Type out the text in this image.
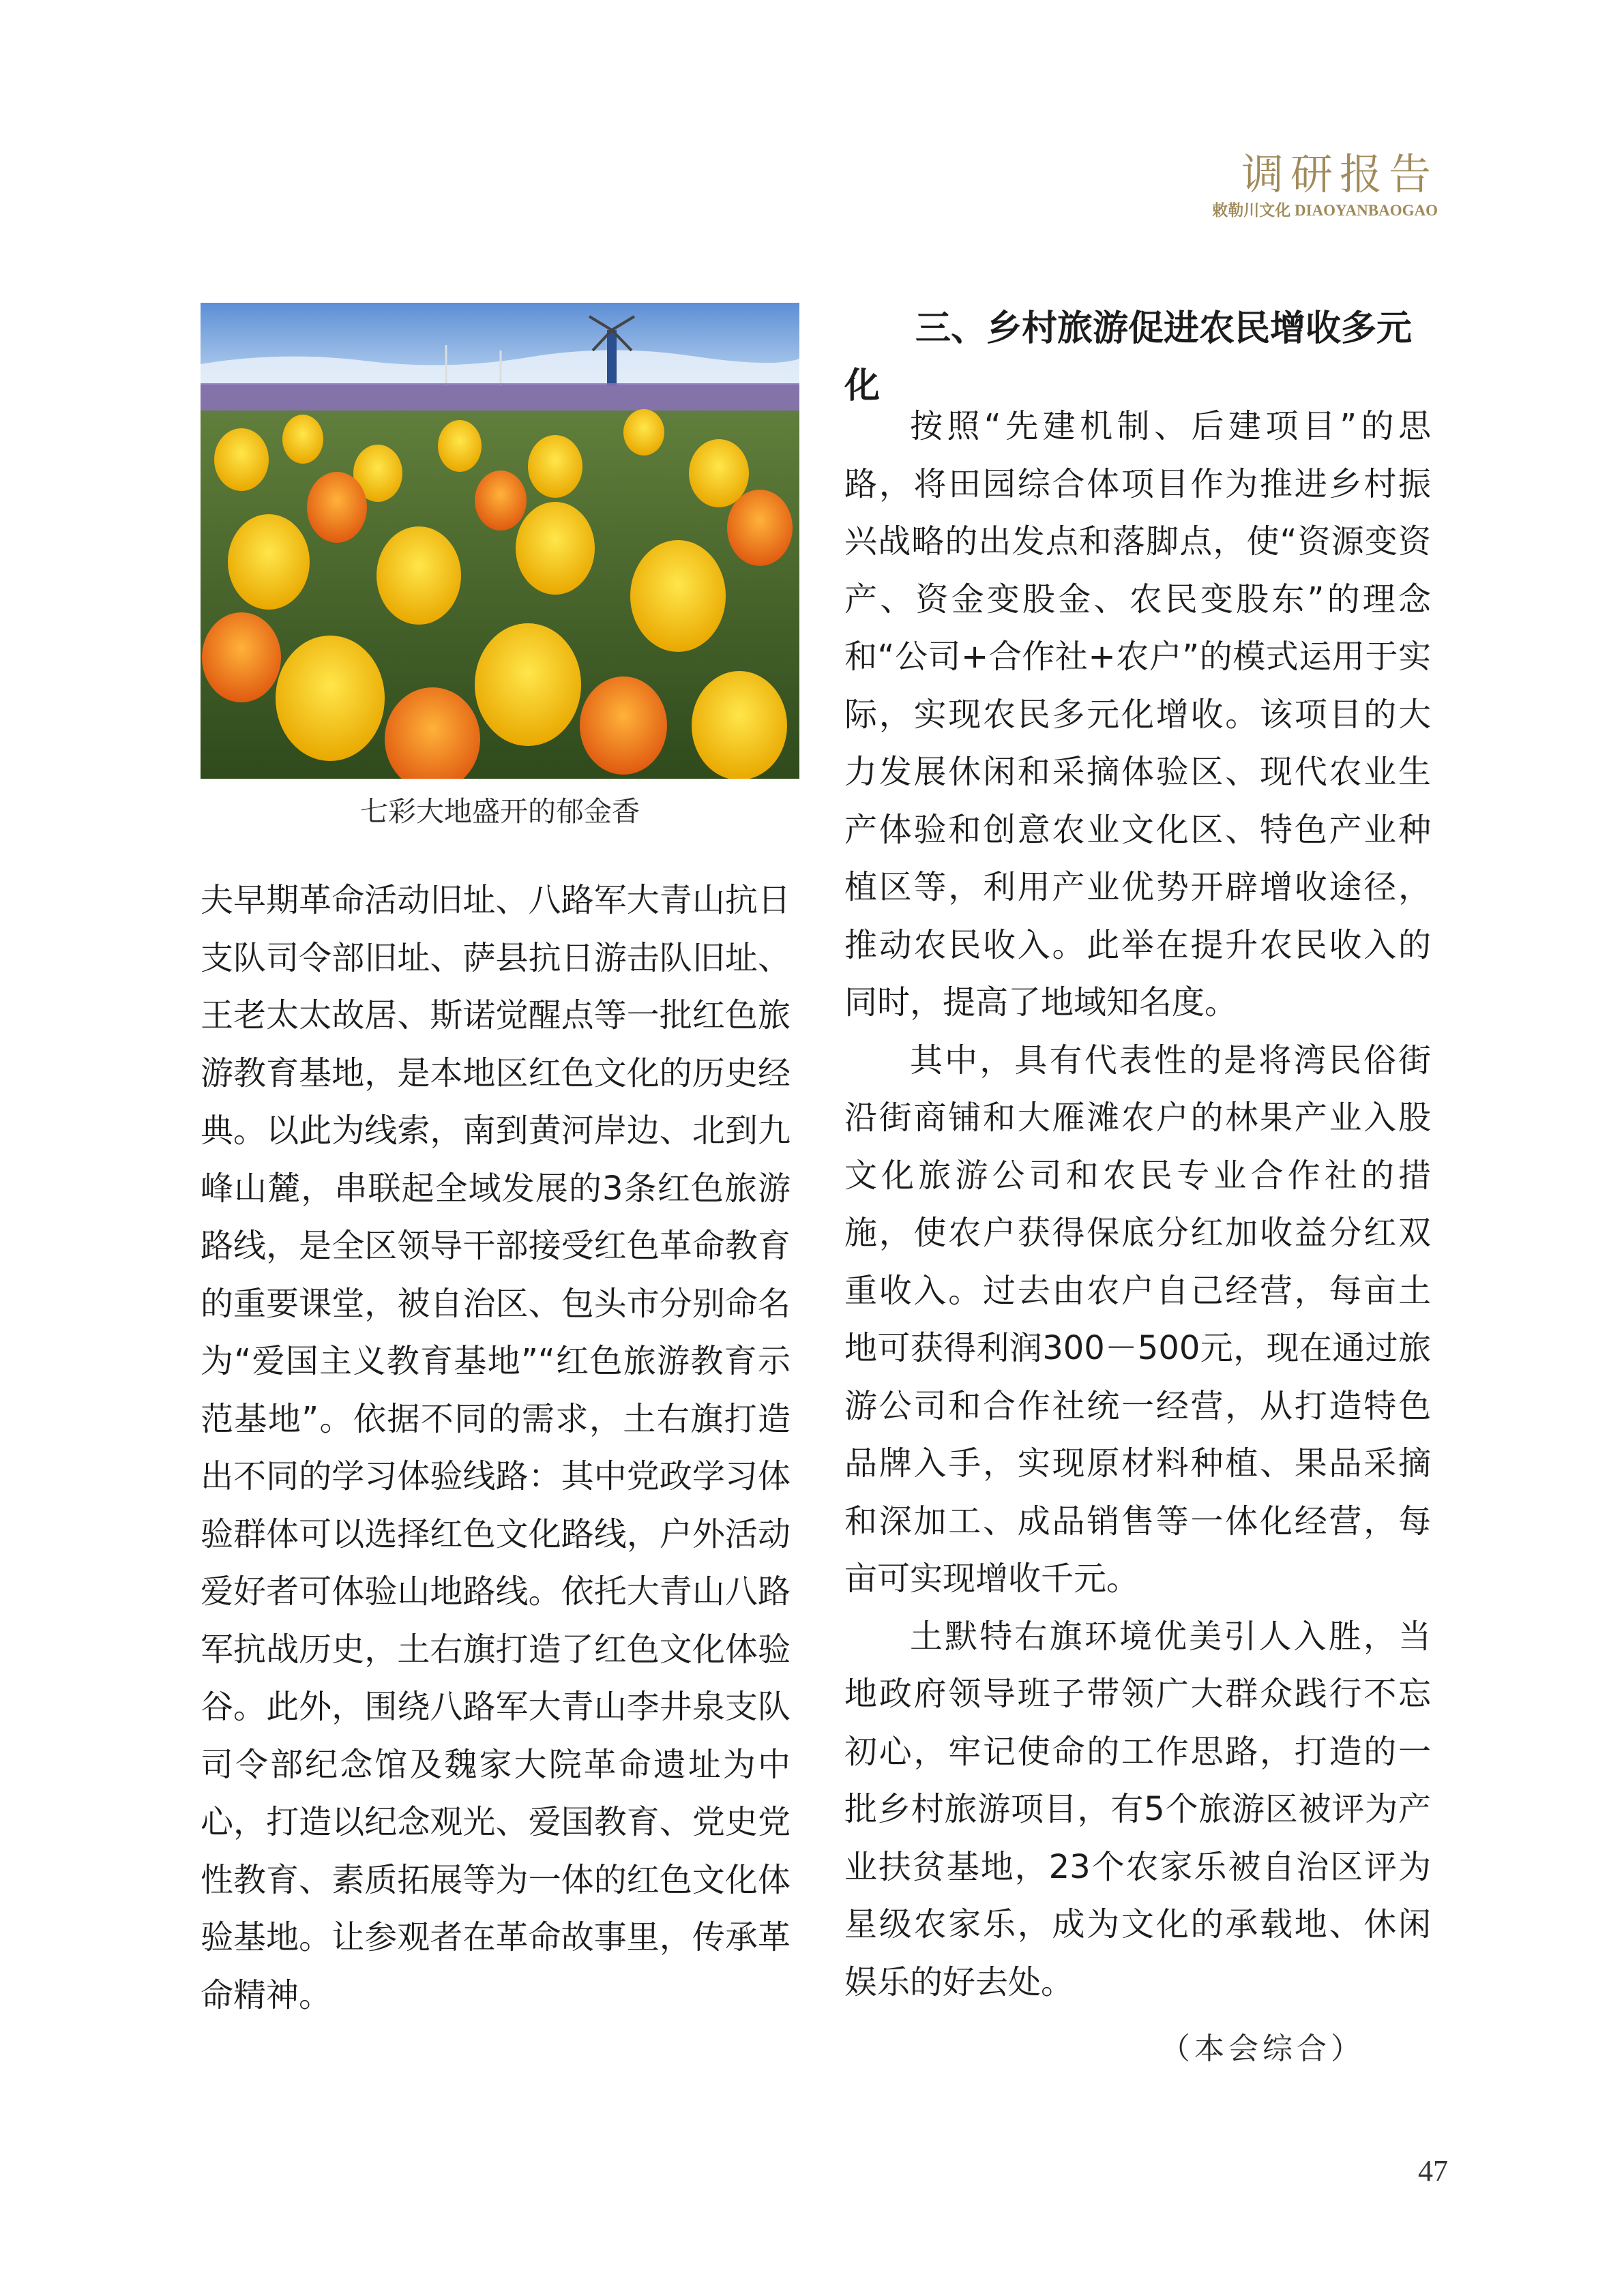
调研报告
敕勒川文化 DIAOYANBAOGAO
七彩大地盛开的郁金香

夫早期革命活动旧址、八路军大青山抗日支队司令部旧址、萨县抗日游击队旧址、王老太太故居、斯诺觉醒点等一批红色旅游教育基地，是本地区红色文化的历史经典。以此为线索，南到黄河岸边、北到九峰山麓，串联起全域发展的3条红色旅游路线，是全区领导干部接受红色革命教育的重要课堂，被自治区、包头市分别命名为“爱国主义教育基地”“红色旅游教育示范基地”。依据不同的需求，土右旗打造出不同的学习体验线路：其中党政学习体验群体可以选择红色文化路线，户外活动爱好者可体验山地路线。依托大青山八路军抗战历史，土右旗打造了红色文化体验谷。此外，围绕八路军大青山李井泉支队司令部纪念馆及魏家大院革命遗址为中心，打造以纪念观光、爱国教育、党史党性教育、素质拓展等为一体的红色文化体验基地。让参观者在革命故事里，传承革命精神。

三、乡村旅游促进农民增收多元化

按照“先建机制、后建项目”的思路，将田园综合体项目作为推进乡村振兴战略的出发点和落脚点，使“资源变资产、资金变股金、农民变股东”的理念和“公司+合作社+农户”的模式运用于实际，实现农民多元化增收。该项目的大力发展休闲和采摘体验区、现代农业生产体验和创意农业文化区、特色产业种植区等，利用产业优势开辟增收途径，推动农民收入。此举在提升农民收入的同时，提高了地域知名度。

其中，具有代表性的是将湾民俗街沿街商铺和大雁滩农户的林果产业入股文化旅游公司和农民专业合作社的措施，使农户获得保底分红加收益分红双重收入。过去由农户自己经营，每亩土地可获得利润300－500元，现在通过旅游公司和合作社统一经营，从打造特色品牌入手，实现原材料种植、果品采摘和深加工、成品销售等一体化经营，每亩可实现增收千元。

土默特右旗环境优美引人入胜，当地政府领导班子带领广大群众践行不忘初心，牢记使命的工作思路，打造的一批乡村旅游项目，有5个旅游区被评为产业扶贫基地，23个农家乐被自治区评为星级农家乐，成为文化的承载地、休闲娱乐的好去处。

（本会综合）
47
